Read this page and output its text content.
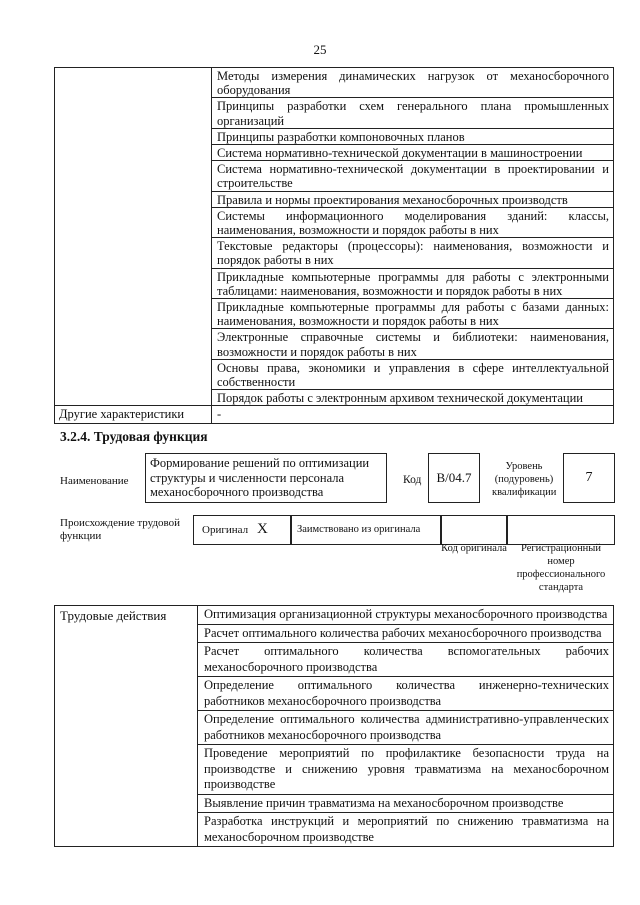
25
	Методы измерения динамических нагрузок от механосборочного оборудования
	Принципы разработки схем генерального плана промышленных организаций
	Принципы разработки компоновочных планов
	Система нормативно-технической документации в машиностроении
	Система нормативно-технической документации в проектировании и строительстве
	Правила и нормы проектирования механосборочных производств
	Системы информационного моделирования зданий: классы, наименования, возможности и порядок работы в них
	Текстовые редакторы (процессоры): наименования, возможности и порядок работы в них
	Прикладные компьютерные программы для работы с электронными таблицами: наименования, возможности и порядок работы в них
	Прикладные компьютерные программы для работы с базами данных: наименования, возможности и порядок работы в них
	Электронные справочные системы и библиотеки: наименования, возможности и порядок работы в них
	Основы права, экономики и управления в сфере интеллектуальной собственности
	Порядок работы с электронным архивом технической документации
Другие характеристики	-
3.2.4. Трудовая функция
Наименование
Формирование решений по оптимизации структуры и численности персонала механосборочного производства
Код	B/04.7
Уровень (подуровень) квалификации
7
Происхождение трудовой функции	Оригинал X	Заимствовано из оригинала
Код оригинала	Регистрационный номер профессионального стандарта
Трудовые действия	Оптимизация организационной структуры механосборочного производства
Расчет оптимального количества рабочих механосборочного производства
Расчет оптимального количества вспомогательных рабочих механосборочного производства
Определение оптимального количества инженерно-технических работников механосборочного производства
Определение оптимального количества административно-управленческих работников механосборочного производства
Проведение мероприятий по профилактике безопасности труда на производстве и снижению уровня травматизма на механосборочном производстве
Выявление причин травматизма на механосборочном производстве
Разработка инструкций и мероприятий по снижению травматизма на механосборочном производстве
